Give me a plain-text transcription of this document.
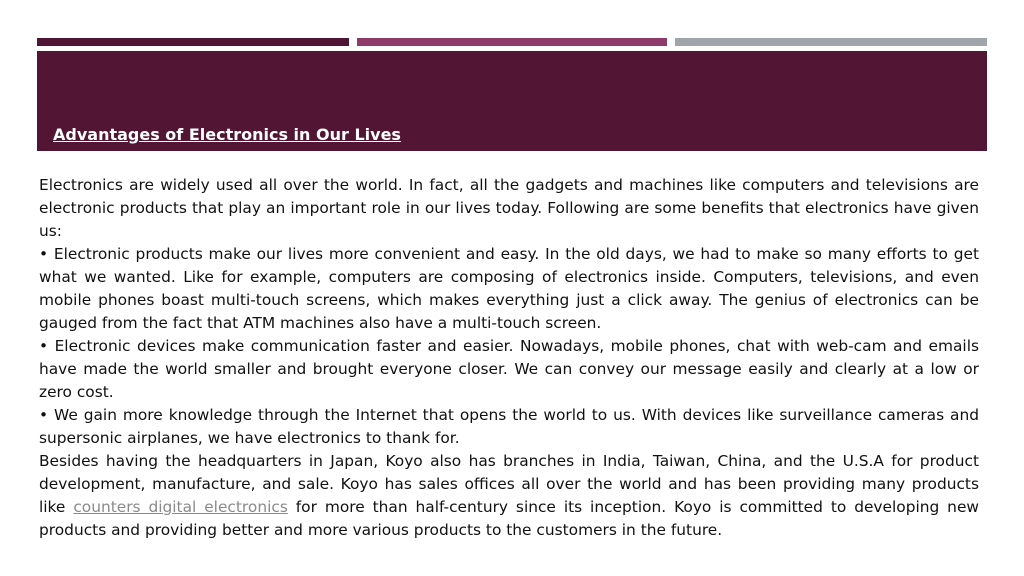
Advantages of Electronics in Our Lives

Electronics are widely used all over the world. In fact, all the gadgets and machines like computers and televisions are electronic products that play an important role in our lives today. Following are some benefits that electronics have given us:

• Electronic products make our lives more convenient and easy. In the old days, we had to make so many efforts to get what we wanted. Like for example, computers are composing of electronics inside. Computers, televisions, and even mobile phones boast multi-touch screens, which makes everything just a click away. The genius of electronics can be gauged from the fact that ATM machines also have a multi-touch screen.

• Electronic devices make communication faster and easier. Nowadays, mobile phones, chat with web-cam and emails have made the world smaller and brought everyone closer. We can convey our message easily and clearly at a low or zero cost.

• We gain more knowledge through the Internet that opens the world to us. With devices like surveillance cameras and supersonic airplanes, we have electronics to thank for.

Besides having the headquarters in Japan, Koyo also has branches in India, Taiwan, China, and the U.S.A for product development, manufacture, and sale. Koyo has sales offices all over the world and has been providing many products like counters digital electronics for more than half-century since its inception. Koyo is committed to developing new products and providing better and more various products to the customers in the future.
